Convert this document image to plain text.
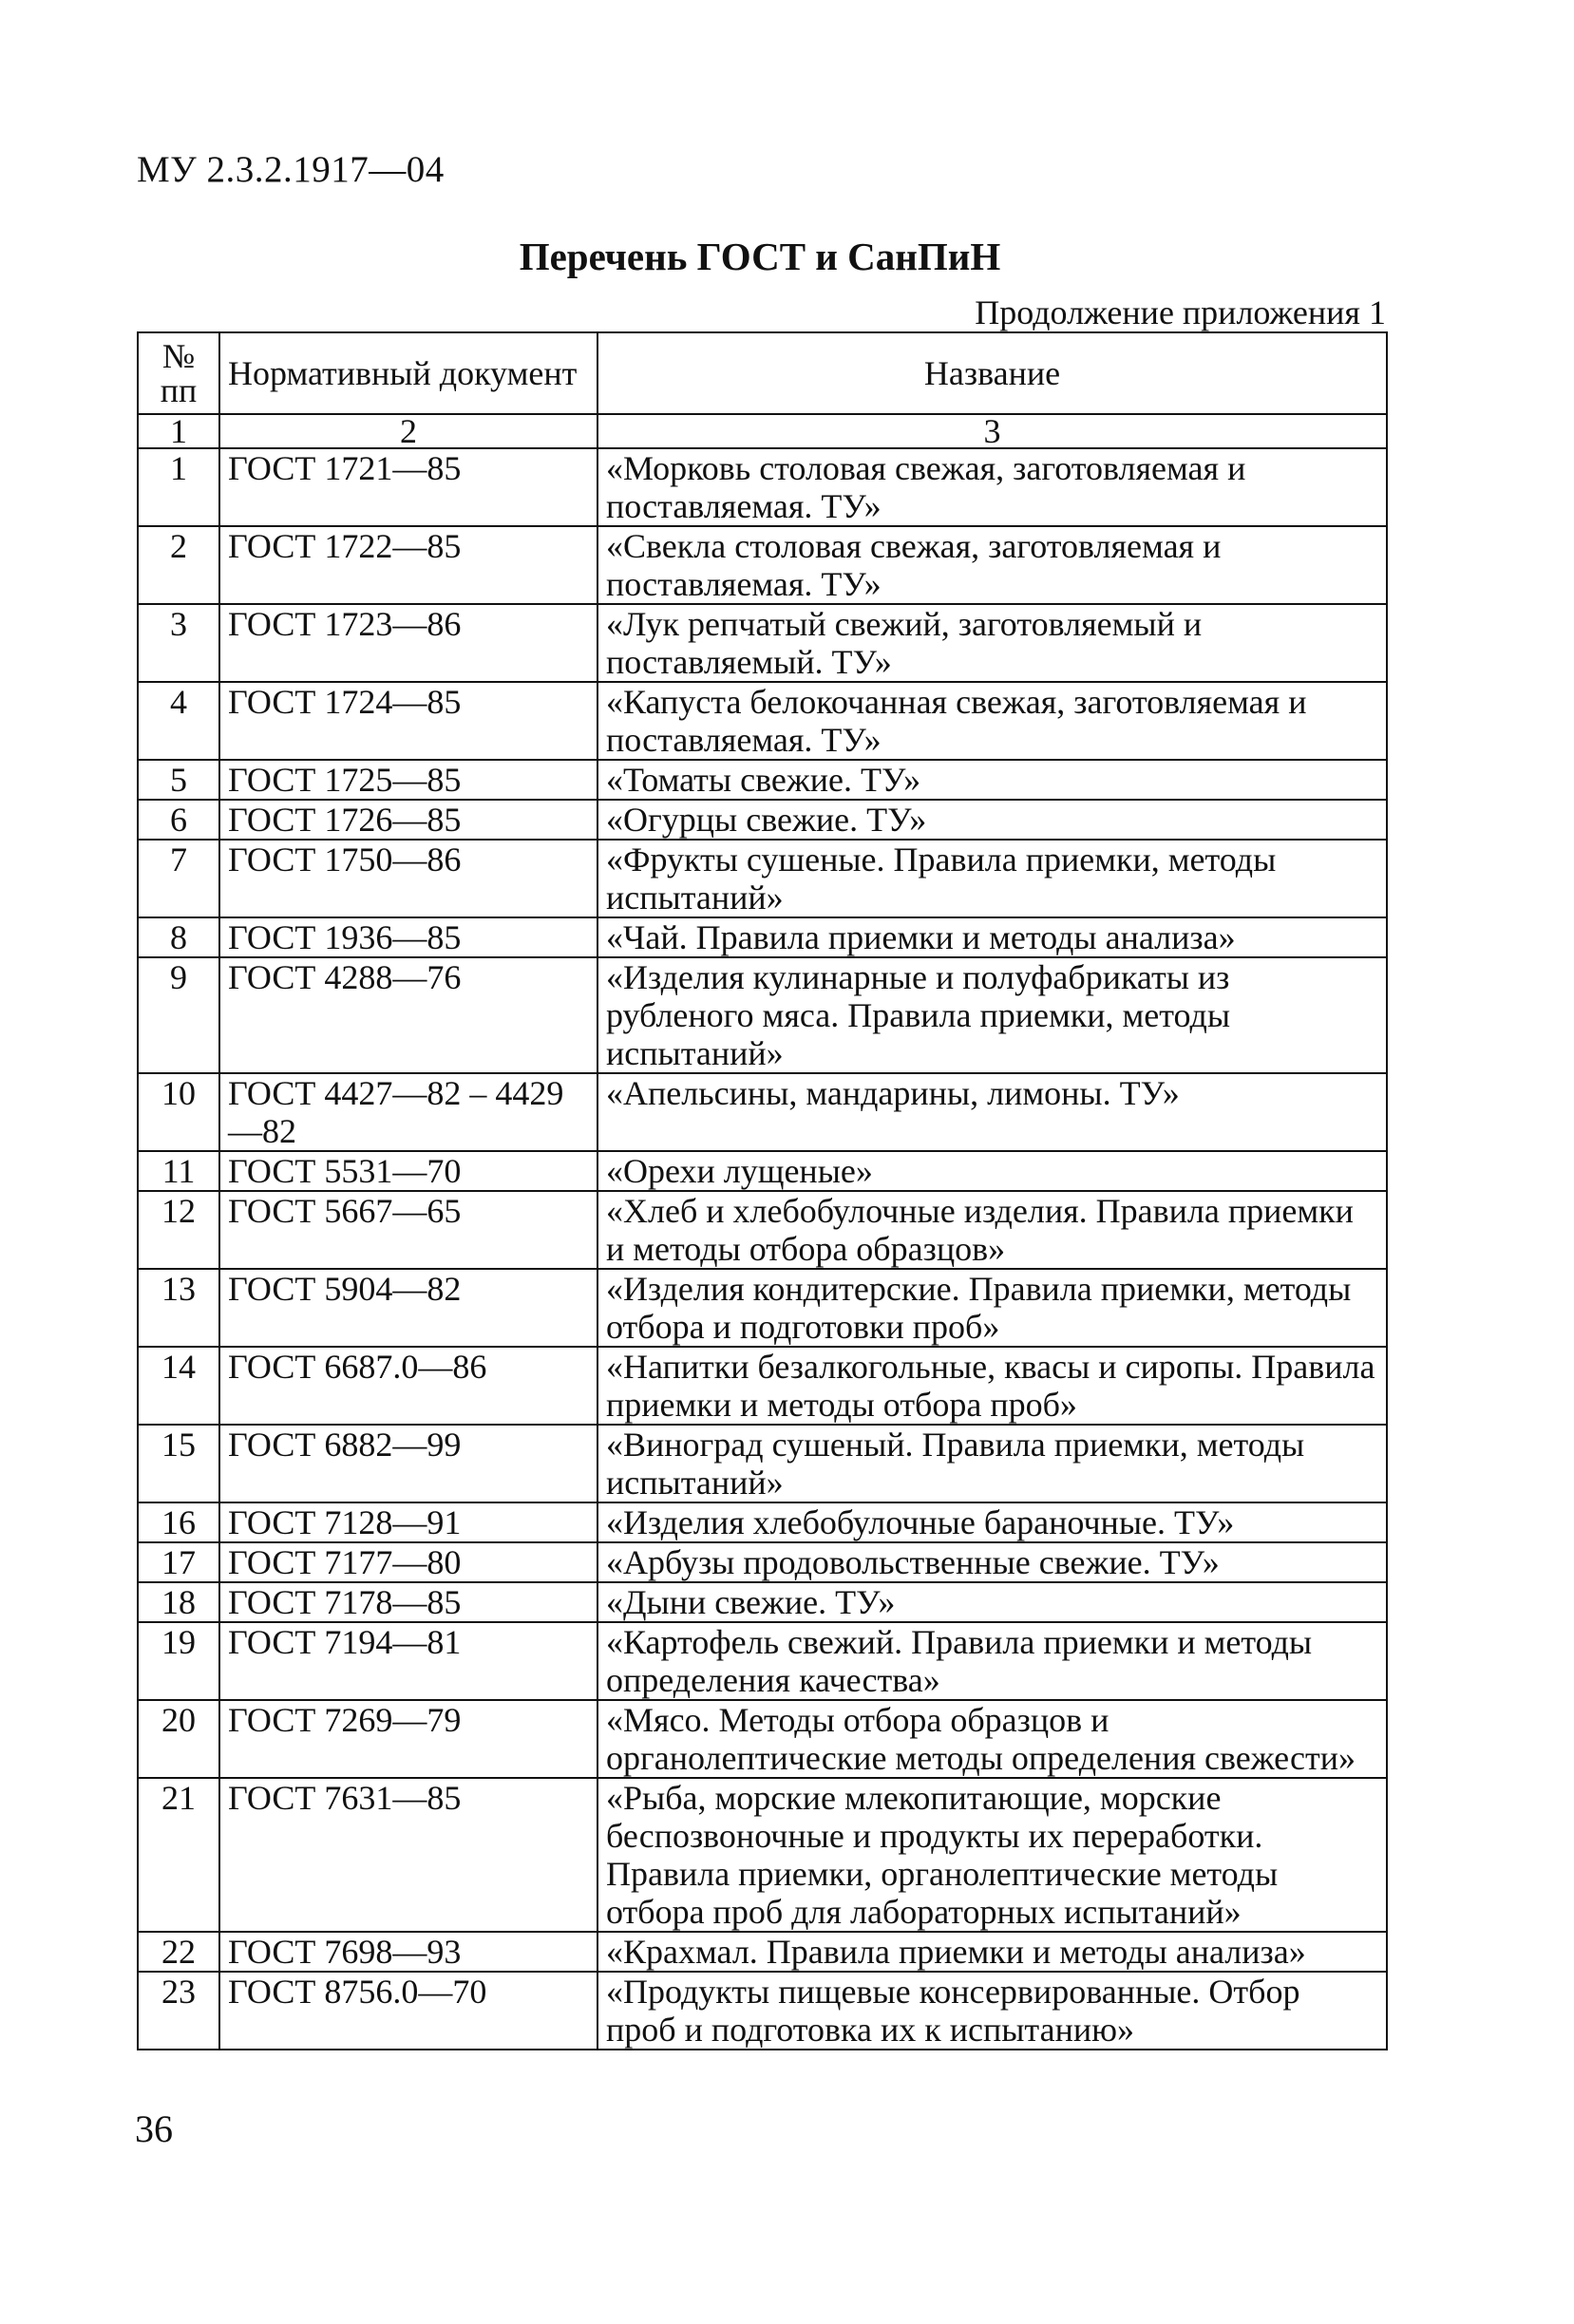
МУ 2.3.2.1917—04
Перечень ГОСТ и СанПиН
Продолжение приложения 1
№ пп	Нормативный документ	Название
1	2	3
1	ГОСТ 1721—85	«Морковь столовая свежая, заготовляемая и поставляемая. ТУ»
2	ГОСТ 1722—85	«Свекла столовая свежая, заготовляемая и поставляемая. ТУ»
3	ГОСТ 1723—86	«Лук репчатый свежий, заготовляемый и поставляемый. ТУ»
4	ГОСТ 1724—85	«Капуста белокочанная свежая, заготовляемая и поставляемая. ТУ»
5	ГОСТ 1725—85	«Томаты свежие. ТУ»
6	ГОСТ 1726—85	«Огурцы свежие. ТУ»
7	ГОСТ 1750—86	«Фрукты сушеные. Правила приемки, методы испытаний»
8	ГОСТ 1936—85	«Чай. Правила приемки и методы анализа»
9	ГОСТ 4288—76	«Изделия кулинарные и полуфабрикаты из рубленого мяса. Правила приемки, методы испытаний»
10	ГОСТ 4427—82 – 4429—82	«Апельсины, мандарины, лимоны. ТУ»
11	ГОСТ 5531—70	«Орехи лущеные»
12	ГОСТ 5667—65	«Хлеб и хлебобулочные изделия. Правила приемки и методы отбора образцов»
13	ГОСТ 5904—82	«Изделия кондитерские. Правила приемки, методы отбора и подготовки проб»
14	ГОСТ 6687.0—86	«Напитки безалкогольные, квасы и сиропы. Правила приемки и методы отбора проб»
15	ГОСТ 6882—99	«Виноград сушеный. Правила приемки, методы испытаний»
16	ГОСТ 7128—91	«Изделия хлебобулочные бараночные. ТУ»
17	ГОСТ 7177—80	«Арбузы продовольственные свежие. ТУ»
18	ГОСТ 7178—85	«Дыни свежие. ТУ»
19	ГОСТ 7194—81	«Картофель свежий. Правила приемки и методы определения качества»
20	ГОСТ 7269—79	«Мясо. Методы отбора образцов и органолептические методы определения свежести»
21	ГОСТ 7631—85	«Рыба, морские млекопитающие, морские беспозвоночные и продукты их переработки. Правила приемки, органолептические методы отбора проб для лабораторных испытаний»
22	ГОСТ 7698—93	«Крахмал. Правила приемки и методы анализа»
23	ГОСТ 8756.0—70	«Продукты пищевые консервированные. Отбор проб и подготовка их к испытанию»
36
